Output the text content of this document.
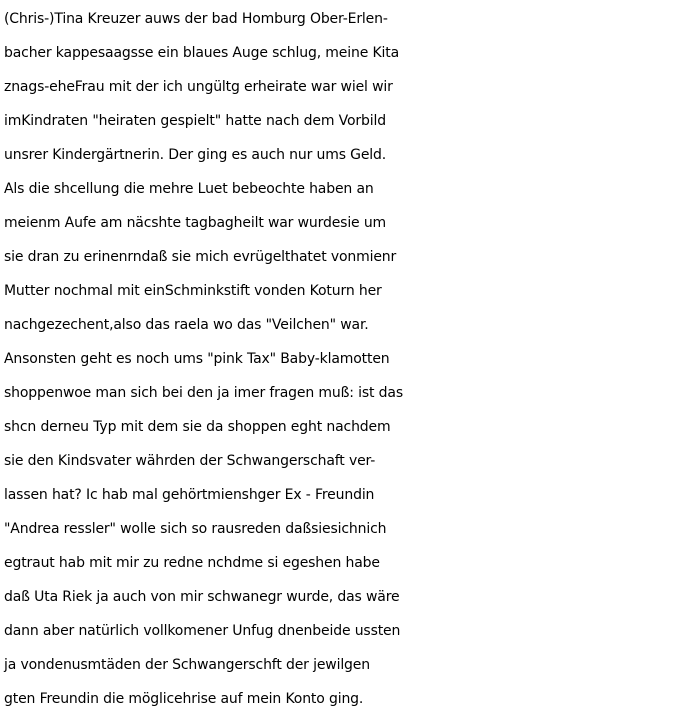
(Chris-)Tina Kreuzer auws der bad Homburg Ober-Erlen-
bacher kappesaagsse ein blaues Auge schlug, meine Kita
znags-eheFrau mit der ich ungültg erheirate war wiel wir
imKindraten "heiraten gespielt" hatte nach dem Vorbild
unsrer Kindergärtnerin. Der ging es auch nur ums Geld.
Als die shcellung die mehre Luet bebeochte haben an
meienm Aufe am näcshte tagbagheilt war wurdesie um
sie dran zu erinenrndaß sie mich evrügelthatet vonmienr
Mutter nochmal mit einSchminkstift vonden Koturn her
nachgezechent,also das raela wo das "Veilchen" war.
Ansonsten geht es noch ums "pink Tax" Baby-klamotten
shoppenwoe man sich bei den ja imer fragen muß: ist das
shcn derneu Typ mit dem sie da shoppen eght nachdem
sie den Kindsvater währden der Schwangerschaft ver-
lassen hat? Ic hab mal gehörtmienshger Ex - Freundin
"Andrea ressler" wolle sich so rausreden daßsiesichnich
egtraut hab mit mir zu redne nchdme si egeshen habe
daß Uta Riek ja auch von mir schwanegr wurde, das wäre
dann aber natürlich vollkomener Unfug dnenbeide ussten
ja vondenusmtäden der Schwangerschft der jewilgen
gten Freundin die möglicehrise auf mein Konto ging.
